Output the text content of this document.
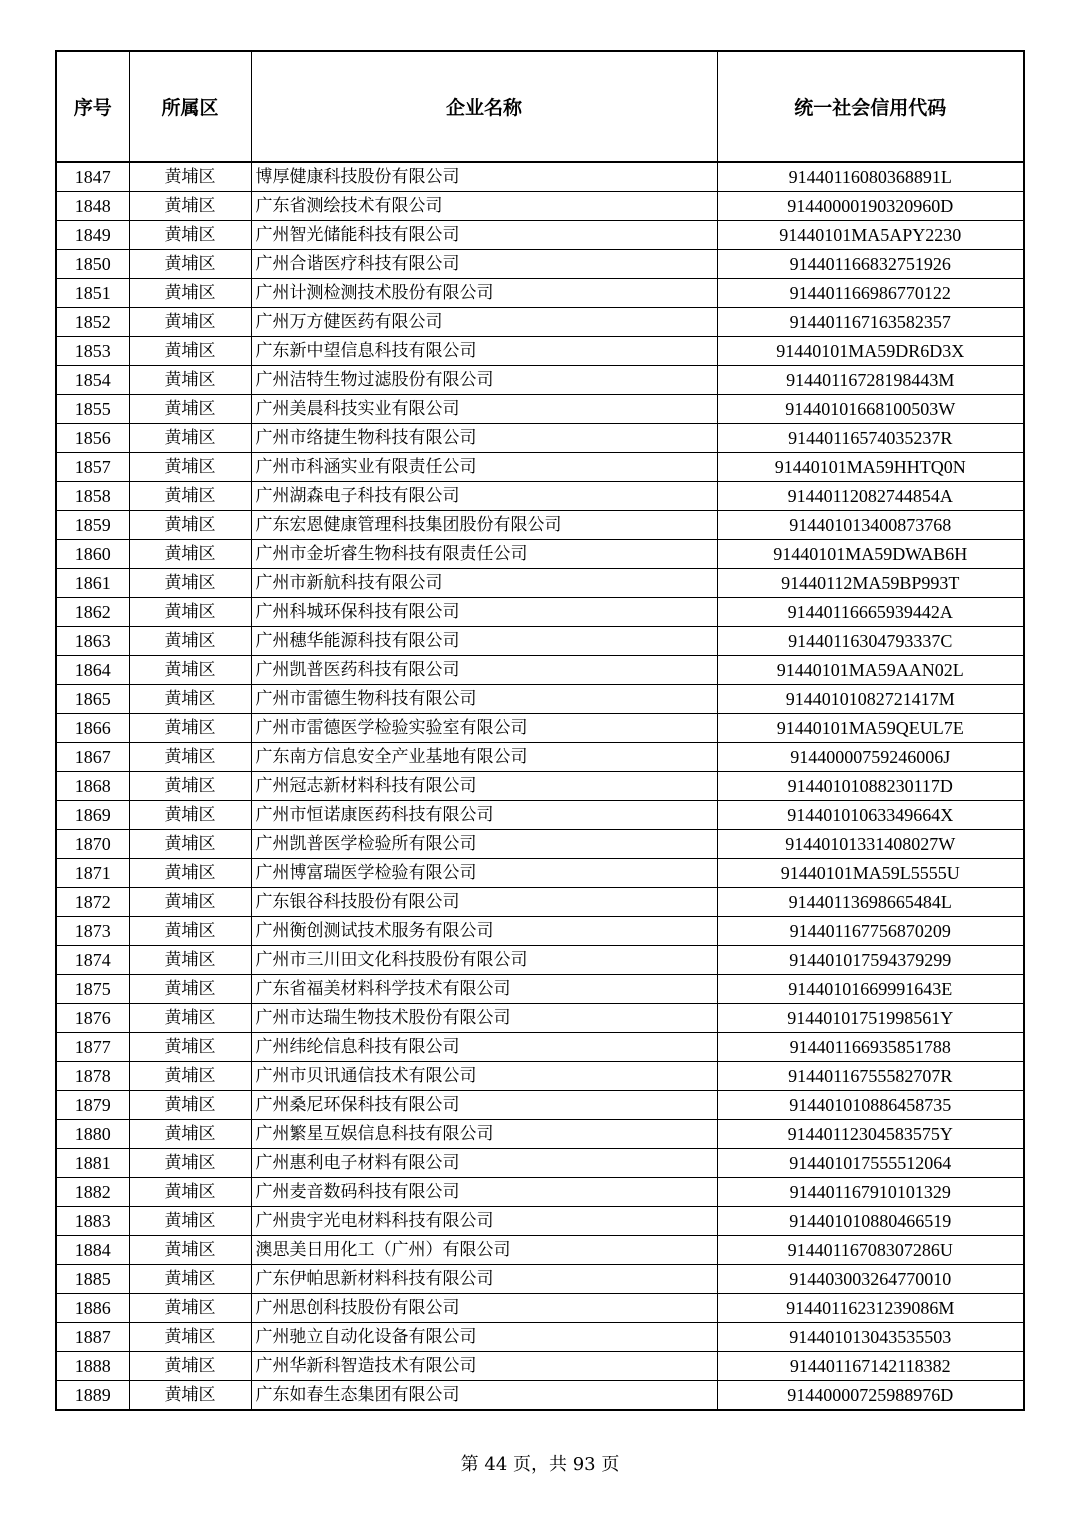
序号	所属区	企业名称	统一社会信用代码
1847	黄埔区	博厚健康科技股份有限公司	91440116080368891L
1848	黄埔区	广东省测绘技术有限公司	91440000190320960D
1849	黄埔区	广州智光储能科技有限公司	91440101MA5APY2230
1850	黄埔区	广州合谐医疗科技有限公司	914401166832751926
1851	黄埔区	广州计测检测技术股份有限公司	914401166986770122
1852	黄埔区	广州万方健医药有限公司	914401167163582357
1853	黄埔区	广东新中望信息科技有限公司	91440101MA59DR6D3X
1854	黄埔区	广州洁特生物过滤股份有限公司	91440116728198443M
1855	黄埔区	广州美晨科技实业有限公司	91440101668100503W
1856	黄埔区	广州市络捷生物科技有限公司	91440116574035237R
1857	黄埔区	广州市科涵实业有限责任公司	91440101MA59HHTQ0N
1858	黄埔区	广州湖森电子科技有限公司	91440112082744854A
1859	黄埔区	广东宏恩健康管理科技集团股份有限公司	914401013400873768
1860	黄埔区	广州市金圻睿生物科技有限责任公司	91440101MA59DWAB6H
1861	黄埔区	广州市新航科技有限公司	91440112MA59BP993T
1862	黄埔区	广州科城环保科技有限公司	91440116665939442A
1863	黄埔区	广州穗华能源科技有限公司	91440116304793337C
1864	黄埔区	广州凯普医药科技有限公司	91440101MA59AAN02L
1865	黄埔区	广州市雷德生物科技有限公司	91440101082721417M
1866	黄埔区	广州市雷德医学检验实验室有限公司	91440101MA59QEUL7E
1867	黄埔区	广东南方信息安全产业基地有限公司	91440000759246006J
1868	黄埔区	广州冠志新材料科技有限公司	91440101088230117D
1869	黄埔区	广州市恒诺康医药科技有限公司	91440101063349664X
1870	黄埔区	广州凯普医学检验所有限公司	91440101331408027W
1871	黄埔区	广州博富瑞医学检验有限公司	91440101MA59L5555U
1872	黄埔区	广东银谷科技股份有限公司	91440113698665484L
1873	黄埔区	广州衡创测试技术服务有限公司	914401167756870209
1874	黄埔区	广州市三川田文化科技股份有限公司	914401017594379299
1875	黄埔区	广东省福美材料科学技术有限公司	91440101669991643E
1876	黄埔区	广州市达瑞生物技术股份有限公司	91440101751998561Y
1877	黄埔区	广州纬纶信息科技有限公司	914401166935851788
1878	黄埔区	广州市贝讯通信技术有限公司	91440116755582707R
1879	黄埔区	广州桑尼环保科技有限公司	914401010886458735
1880	黄埔区	广州繁星互娱信息科技有限公司	91440112304583575Y
1881	黄埔区	广州惠利电子材料有限公司	914401017555512064
1882	黄埔区	广州麦音数码科技有限公司	914401167910101329
1883	黄埔区	广州贵宇光电材料科技有限公司	914401010880466519
1884	黄埔区	澳思美日用化工（广州）有限公司	91440116708307286U
1885	黄埔区	广东伊帕思新材料科技有限公司	914403003264770010
1886	黄埔区	广州思创科技股份有限公司	91440116231239086M
1887	黄埔区	广州驰立自动化设备有限公司	914401013043535503
1888	黄埔区	广州华新科智造技术有限公司	914401167142118382
1889	黄埔区	广东如春生态集团有限公司	91440000725988976D
第 44 页，共 93 页
